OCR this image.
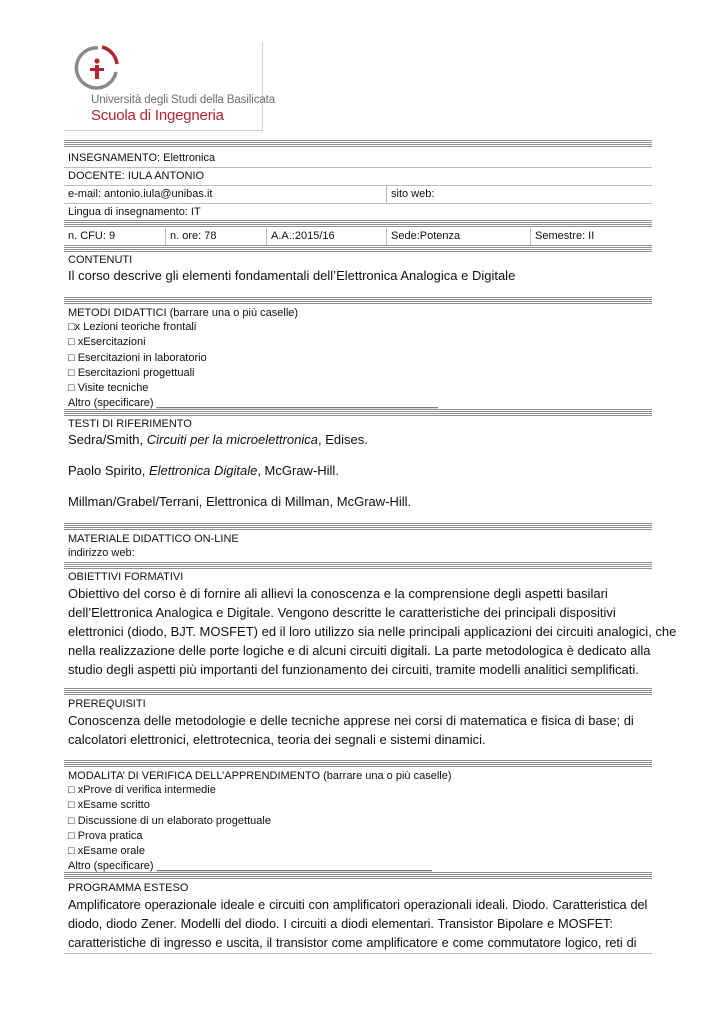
Università degli Studi della Basilicata
Scuola di Ingegneria
INSEGNAMENTO: Elettronica
DOCENTE: IULA ANTONIO
e-mail: antonio.iula@unibas.it	sito web:
Lingua di insegnamento: IT
n. CFU: 9	n. ore: 78	A.A.:2015/16	Sede:Potenza	Semestre: II
CONTENUTI
Il corso descrive gli elementi fondamentali dell’Elettronica Analogica e Digitale
METODI DIDATTICI (barrare una o più caselle)
□x Lezioni teoriche frontali
□ xEsercitazioni
□ Esercitazioni in laboratorio
□ Esercitazioni progettuali
□ Visite tecniche
Altro (specificare) ______________________________________________
TESTI DI RIFERIMENTO
Sedra/Smith, Circuiti per la microelettronica, Edises.
Paolo Spirito, Elettronica Digitale, McGraw-Hill.
Millman/Grabel/Terrani, Elettronica di Millman, McGraw-Hill.
MATERIALE DIDATTICO ON-LINE
indirizzo web:
OBIETTIVI FORMATIVI
Obiettivo del corso è di fornire ali allievi la conoscenza e la comprensione degli aspetti basilari
dell’Elettronica Analogica e Digitale. Vengono descritte le caratteristiche dei principali dispositivi
elettronici (diodo, BJT. MOSFET) ed il loro utilizzo sia nelle principali applicazioni dei circuiti analogici, che
nella realizzazione delle porte logiche e di alcuni circuiti digitali. La parte metodologica è dedicato alla
studio degli aspetti più importanti del funzionamento dei circuiti, tramite modelli analitici semplificati.
PREREQUISITI
Conoscenza delle metodologie e delle tecniche apprese nei corsi di matematica e fisica di base; di
calcolatori elettronici, elettrotecnica, teoria dei segnali e sistemi dinamici.
MODALITA’ DI VERIFICA DELL’APPRENDIMENTO (barrare una o più caselle)
□ xProve di verifica intermedie
□ xEsame scritto
□ Discussione di un elaborato progettuale
□ Prova pratica
□ xEsame orale
Altro (specificare) _____________________________________________
PROGRAMMA ESTESO
Amplificatore operazionale ideale e circuiti con amplificatori operazionali ideali. Diodo. Caratteristica del
diodo, diodo Zener. Modelli del diodo. I circuiti a diodi elementari. Transistor Bipolare e MOSFET:
caratteristiche di ingresso e uscita, il transistor come amplificatore e come commutatore logico, reti di
